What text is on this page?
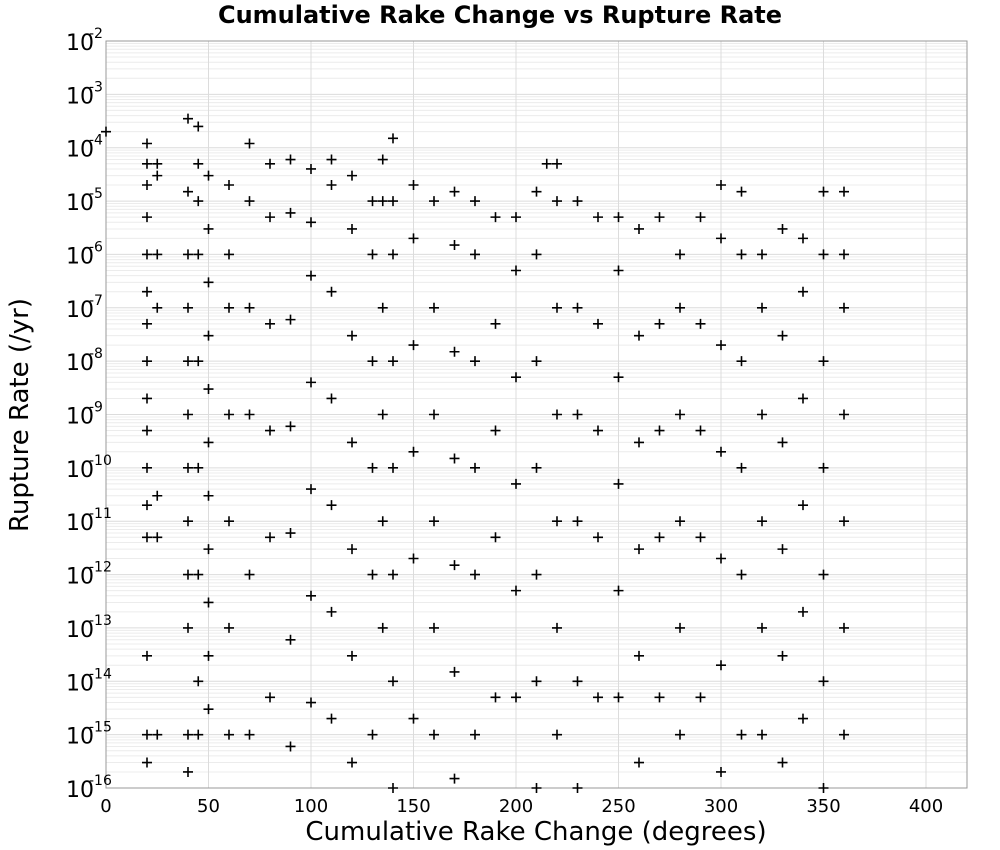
0	50	100	150	200	250	300	350	400
10
-16
10
-15
10
-14
10
-13
10
-12
10
-11
10
-10
10
-9
10
-8
10
-7
10
-6
10
-5
10
-4
10
-3
10
-2
Cumulative Rake Change vs Rupture Rate
Cumulative Rake Change (degrees)
Rupture Rate (/yr)
